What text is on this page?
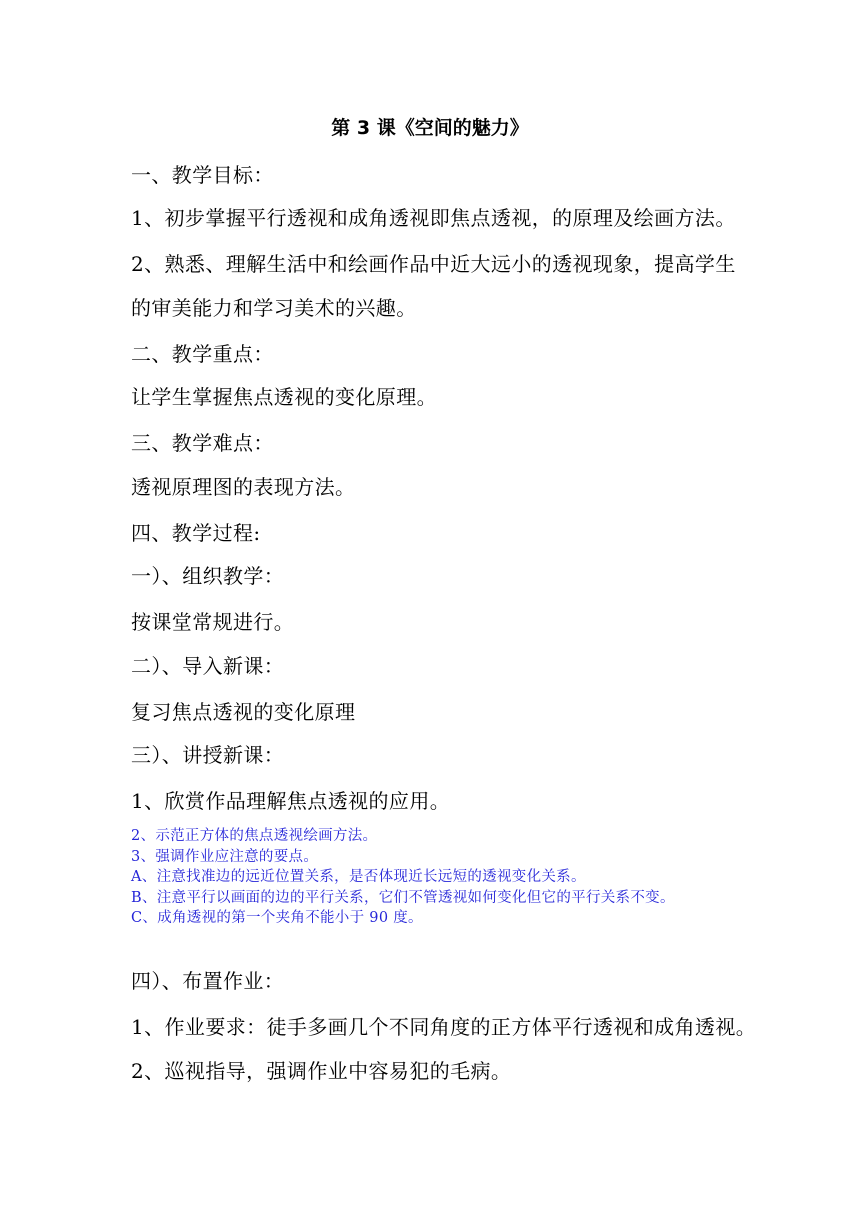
第 3 课《空间的魅力》
一、教学目标：
1、初步掌握平行透视和成角透视即焦点透视，的原理及绘画方法。
2、熟悉、理解生活中和绘画作品中近大远小的透视现象，提高学生
的审美能力和学习美术的兴趣。
二、教学重点：
让学生掌握焦点透视的变化原理。
三、教学难点：
透视原理图的表现方法。
四、教学过程:
一）、组织教学：
按课堂常规进行。
二）、导入新课：
复习焦点透视的变化原理
三）、讲授新课：
1、欣赏作品理解焦点透视的应用。

2、示范正方体的焦点透视绘画方法。

3、强调作业应注意的要点。

A、注意找准边的远近位置关系，是否体现近长远短的透视变化关系。

B、注意平行以画面的边的平行关系，它们不管透视如何变化但它的平行关系不变。

C、成角透视的第一个夹角不能小于 90 度。

四）、布置作业：
1、作业要求：徒手多画几个不同角度的正方体平行透视和成角透视。
2、巡视指导，强调作业中容易犯的毛病。
